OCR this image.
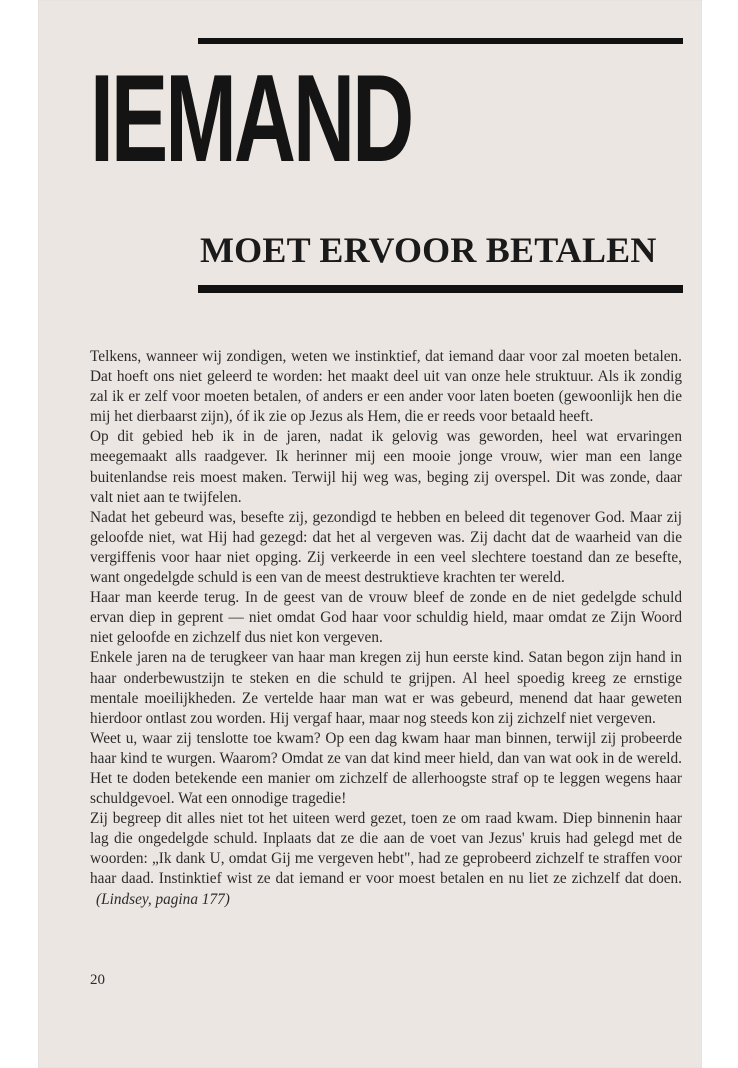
IEMAND
MOET ERVOOR BETALEN

Telkens, wanneer wij zondigen, weten we instinktief, dat iemand daar voor zal moeten betalen. Dat hoeft ons niet geleerd te worden: het maakt deel uit van onze hele struktuur. Als ik zondig zal ik er zelf voor moeten betalen, of anders er een ander voor laten boeten (gewoonlijk hen die mij het dierbaarst zijn), óf ik zie op Jezus als Hem, die er reeds voor betaald heeft.

Op dit gebied heb ik in de jaren, nadat ik gelovig was geworden, heel wat ervaringen meegemaakt alls raadgever. Ik herinner mij een mooie jonge vrouw, wier man een lange buitenlandse reis moest maken. Terwijl hij weg was, beging zij overspel. Dit was zonde, daar valt niet aan te twijfelen.

Nadat het gebeurd was, besefte zij, gezondigd te hebben en beleed dit tegenover God. Maar zij geloofde niet, wat Hij had gezegd: dat het al vergeven was. Zij dacht dat de waarheid van die vergiffenis voor haar niet opging. Zij verkeerde in een veel slechtere toestand dan ze besefte, want ongedelgde schuld is een van de meest destruktieve krachten ter wereld.

Haar man keerde terug. In de geest van de vrouw bleef de zonde en de niet gedelgde schuld ervan diep in geprent — niet omdat God haar voor schuldig hield, maar omdat ze Zijn Woord niet geloofde en zichzelf dus niet kon vergeven.

Enkele jaren na de terugkeer van haar man kregen zij hun eerste kind. Satan begon zijn hand in haar onderbewustzijn te steken en die schuld te grijpen. Al heel spoedig kreeg ze ernstige mentale moeilijkheden. Ze vertelde haar man wat er was gebeurd, menend dat haar geweten hierdoor ontlast zou worden. Hij vergaf haar, maar nog steeds kon zij zichzelf niet vergeven.

Weet u, waar zij tenslotte toe kwam? Op een dag kwam haar man binnen, terwijl zij probeerde haar kind te wurgen. Waarom? Omdat ze van dat kind meer hield, dan van wat ook in de wereld. Het te doden betekende een manier om zichzelf de allerhoogste straf op te leggen wegens haar schuldgevoel. Wat een onnodige tragedie!

Zij begreep dit alles niet tot het uiteen werd gezet, toen ze om raad kwam. Diep binnenin haar lag die ongedelgde schuld. Inplaats dat ze die aan de voet van Jezus' kruis had gelegd met de woorden: „Ik dank U, omdat Gij me vergeven hebt", had ze geprobeerd zichzelf te straffen voor haar daad. Instinktief wist ze dat iemand er voor moest betalen en nu liet ze zichzelf dat doen.(Lindsey, pagina 177)

20
